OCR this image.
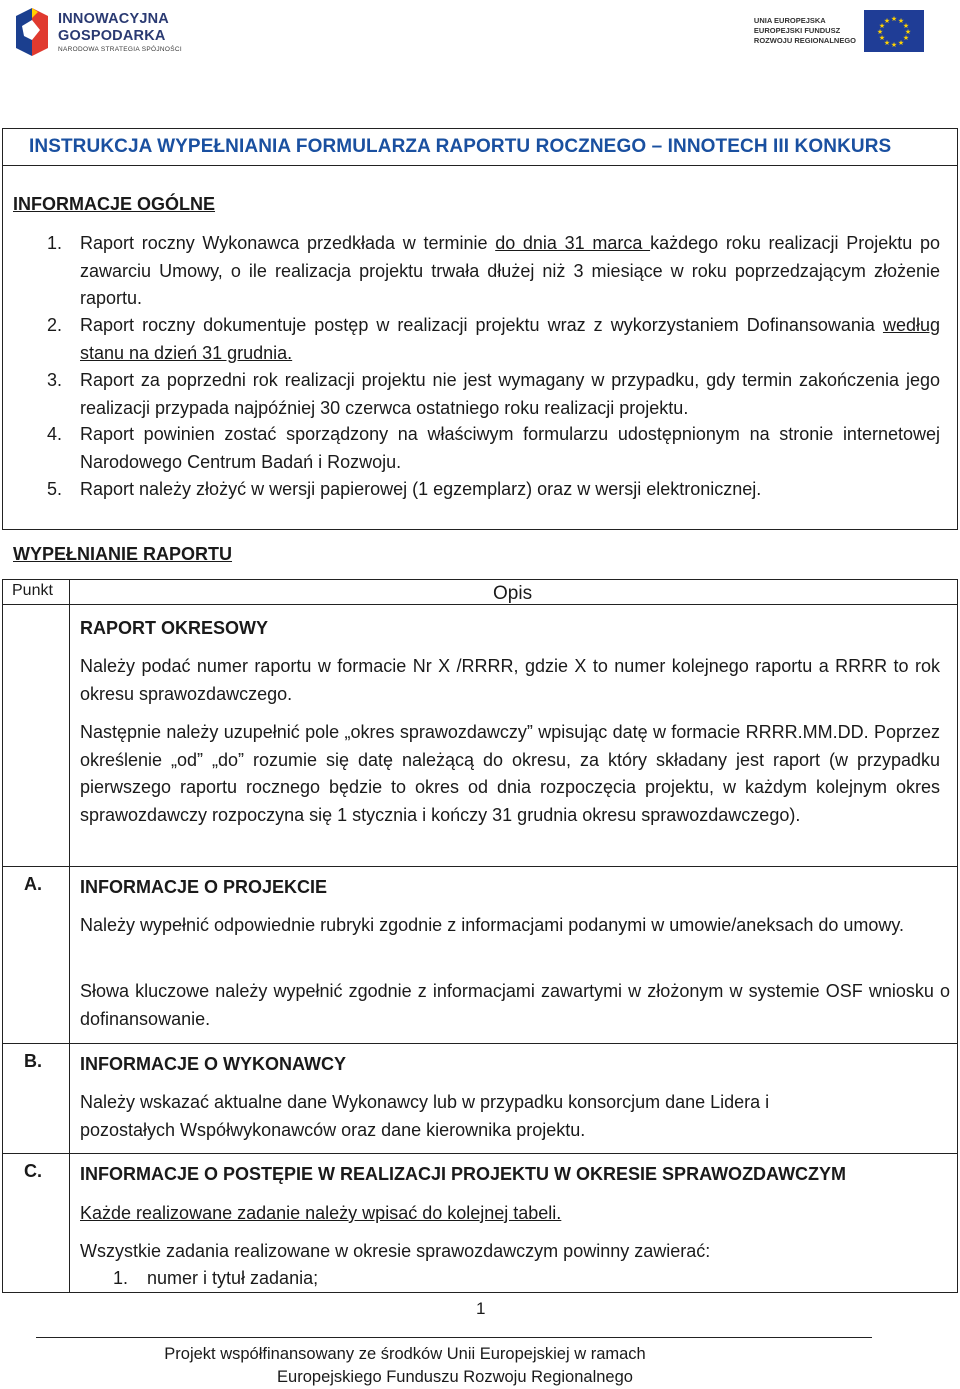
INNOWACYJNA GOSPODARKA
NARODOWA STRATEGIA SPÓJNOŚCI
UNIA EUROPEJSKA
EUROPEJSKI FUNDUSZ
ROZWOJU REGIONALNEGO
★ ★
★
★
★
★
★
★
★
★
★
★
INSTRUKCJA WYPEŁNIANIA FORMULARZA RAPORTU ROCZNEGO – INNOTECH III KONKURS
INFORMACJE OGÓLNE
1. Raport roczny Wykonawca przedkłada w terminie do dnia 31 marca każdego roku realizacji Projektu po zawarciu Umowy, o ile realizacja projektu trwała dłużej niż 3 miesiące w roku poprzedzającym złożenie raportu.
2. Raport roczny dokumentuje postęp w realizacji projektu wraz z wykorzystaniem Dofinansowania według stanu na dzień 31 grudnia.
3. Raport za poprzedni rok realizacji projektu nie jest wymagany w przypadku, gdy termin zakończenia jego realizacji przypada najpóźniej 30 czerwca ostatniego roku realizacji projektu.
4. Raport powinien zostać sporządzony na właściwym formularzu udostępnionym na stronie internetowej Narodowego Centrum Badań i Rozwoju.
5. Raport należy złożyć w wersji papierowej (1 egzemplarz) oraz w wersji elektronicznej.
WYPEŁNIANIE RAPORTU
Punkt	Opis
RAPORT OKRESOWY
Należy podać numer raportu w formacie Nr X /RRRR, gdzie X to numer kolejnego raportu a RRRR to rok okresu sprawozdawczego.
Następnie należy uzupełnić pole „okres sprawozdawczy” wpisując datę w formacie RRRR.MM.DD. Poprzez określenie „od” „do” rozumie się datę należącą do okresu, za który składany jest raport (w przypadku pierwszego raportu rocznego będzie to okres od dnia rozpoczęcia projektu, w każdym kolejnym okres sprawozdawczy rozpoczyna się 1 stycznia i kończy 31 grudnia okresu sprawozdawczego).
A. INFORMACJE O PROJEKCIE
Należy wypełnić odpowiednie rubryki zgodnie z informacjami podanymi w umowie/aneksach do umowy.
Słowa kluczowe należy wypełnić zgodnie z informacjami zawartymi w złożonym w systemie OSF wniosku o dofinansowanie.
B. INFORMACJE O WYKONAWCY
Należy wskazać aktualne dane Wykonawcy lub w przypadku konsorcjum dane Lidera i pozostałych Współwykonawców oraz dane kierownika projektu.
C. INFORMACJE O POSTĘPIE W REALIZACJI PROJEKTU W OKRESIE SPRAWOZDAWCZYM
Każde realizowane zadanie należy wpisać do kolejnej tabeli.
Wszystkie zadania realizowane w okresie sprawozdawczym powinny zawierać:
1.	numer i tytuł zadania;
1
Projekt współfinansowany ze środków Unii Europejskiej w ramach
Europejskiego Funduszu Rozwoju Regionalnego
